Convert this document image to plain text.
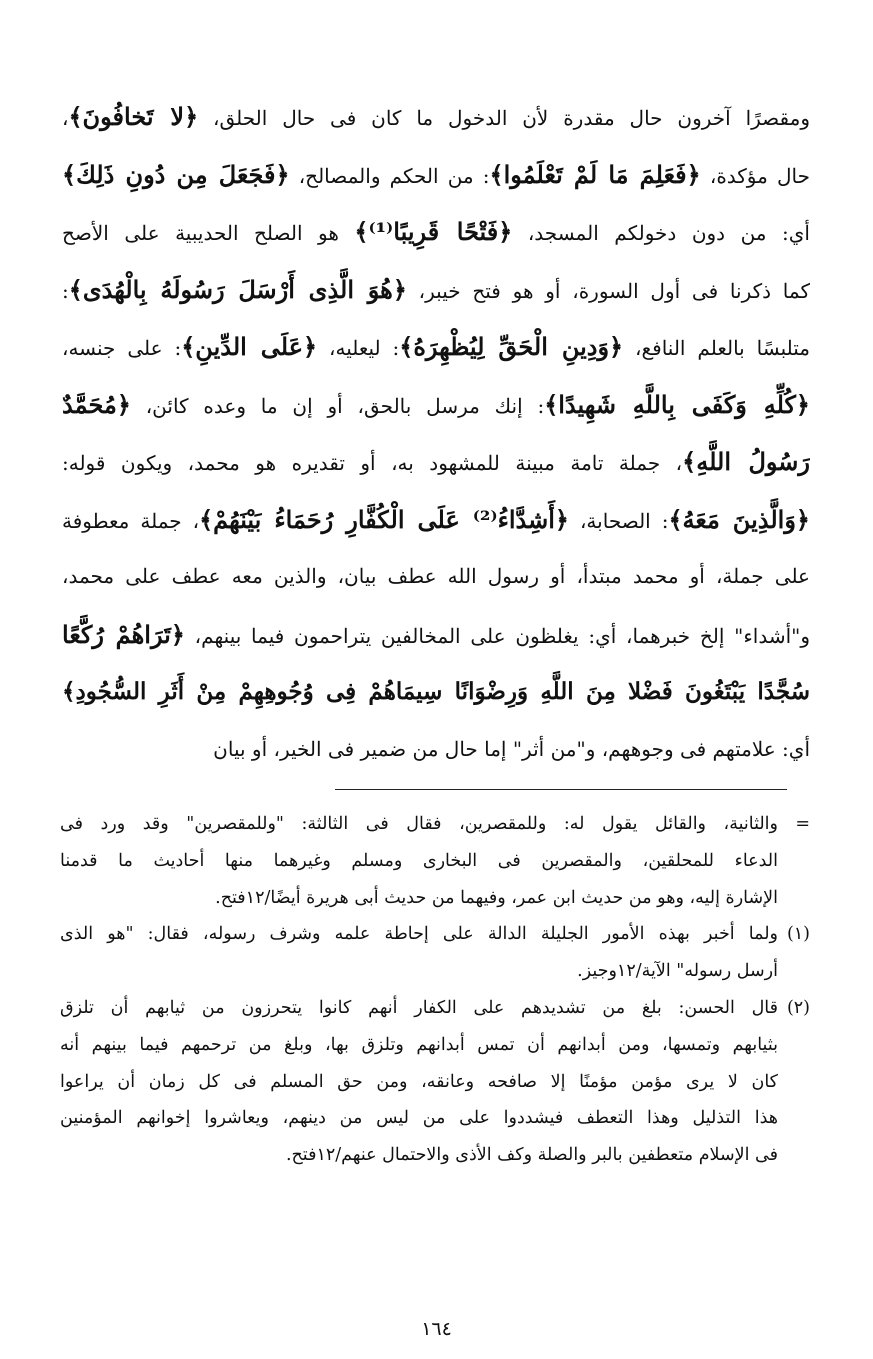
ومقصرًا آخرون حال مقدرة لأن الدخول ما كان فى حال الحلق، ﴿لا تَخافُونَ﴾،
حال مؤكدة، ﴿فَعَلِمَ مَا لَمْ تَعْلَمُوا﴾: من الحكم والمصالح، ﴿فَجَعَلَ مِن دُونِ ذَلِكَ﴾
أي: من دون دخولكم المسجد، ﴿فَتْحًا قَرِيبًا⁽¹⁾﴾ هو الصلح الحديبية على الأصح
كما ذكرنا فى أول السورة، أو هو فتح خيبر، ﴿هُوَ الَّذِى أَرْسَلَ رَسُولَهُ بِالْهُدَى﴾:
متلبسًا بالعلم النافع، ﴿وَدِينِ الْحَقِّ لِيُظْهِرَهُ﴾: ليعليه، ﴿عَلَى الدِّينِ﴾: على جنسه،
﴿كُلِّهِ وَكَفَى بِاللَّهِ شَهِيدًا﴾: إنك مرسل بالحق، أو إن ما وعده كائن، ﴿مُحَمَّدٌ
رَسُولُ اللَّهِ﴾، جملة تامة مبينة للمشهود به، أو تقديره هو محمد، ويكون قوله:
﴿وَالَّذِينَ مَعَهُ﴾: الصحابة، ﴿أَشِدَّاءُ⁽²⁾ عَلَى الْكُفَّارِ رُحَمَاءُ بَيْنَهُمْ﴾، جملة معطوفة
على جملة، أو محمد مبتدأ، أو رسول الله عطف بيان، والذين معه عطف على محمد،
و"أشداء" إلخ خبرهما، أي: يغلظون على المخالفين يتراحمون فيما بينهم، ﴿تَرَاهُمْ رُكَّعًا
سُجَّدًا يَبْتَغُونَ فَضْلا مِنَ اللَّهِ وَرِضْوَانًا سِيمَاهُمْ فِى وُجُوهِهِمْ مِنْ أَثَرِ السُّجُودِ﴾
أي: علامتهم فى وجوههم، و"من أثر" إما حال من ضمير فى الخير، أو بيان
=
والثانية، والقائل يقول له: وللمقصرين، فقال فى الثالثة: "وللمقصرين" وقد ورد فى
الدعاء للمحلقين، والمقصرين فى البخارى ومسلم وغيرهما منها أحاديث ما قدمنا
الإشارة إليه، وهو من حديث ابن عمر، وفيهما من حديث أبى هريرة أيضًا/١٢فتح.
(١)
ولما أخبر بهذه الأمور الجليلة الدالة على إحاطة علمه وشرف رسوله، فقال: "هو الذى
أرسل رسوله" الآية/١٢وجيز.
(٢)
قال الحسن: بلغ من تشديدهم على الكفار أنهم كانوا يتحرزون من ثيابهم أن تلزق
بثيابهم وتمسها، ومن أبدانهم أن تمس أبدانهم وتلزق بها، وبلغ من ترحمهم فيما بينهم أنه
كان لا يرى مؤمن مؤمنًا إلا صافحه وعانقه، ومن حق المسلم فى كل زمان أن يراعوا
هذا التذليل وهذا التعطف فيشددوا على من ليس من دينهم، ويعاشروا إخوانهم المؤمنين
فى الإسلام متعطفين بالبر والصلة وكف الأذى والاحتمال عنهم/١٢فتح.
١٦٤
